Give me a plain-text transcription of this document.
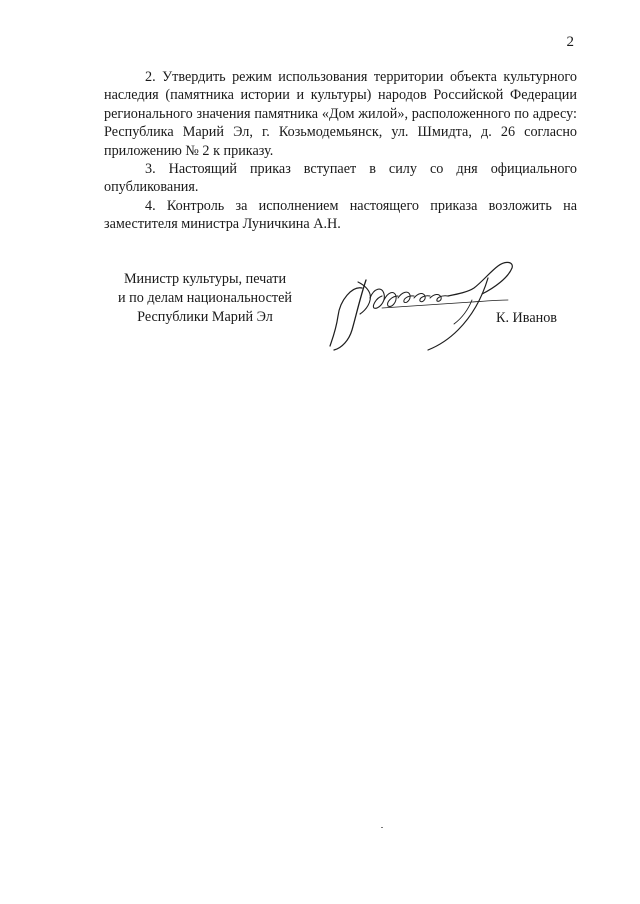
2

2. Утвердить режим использования территории объекта культурного наследия (памятника истории и культуры) народов Российской Федерации регионального значения памятника «Дом жилой», расположенного по адресу: Республика Марий Эл, г. Козьмодемьянск, ул. Шмидта, д. 26 согласно приложению № 2 к приказу.

3. Настоящий приказ вступает в силу со дня официального опубликования.

4. Контроль за исполнением настоящего приказа возложить на заместителя министра Луничкина А.Н.

Министр культуры, печати
и по делам национальностей
Республики Марий Эл	К. Иванов
